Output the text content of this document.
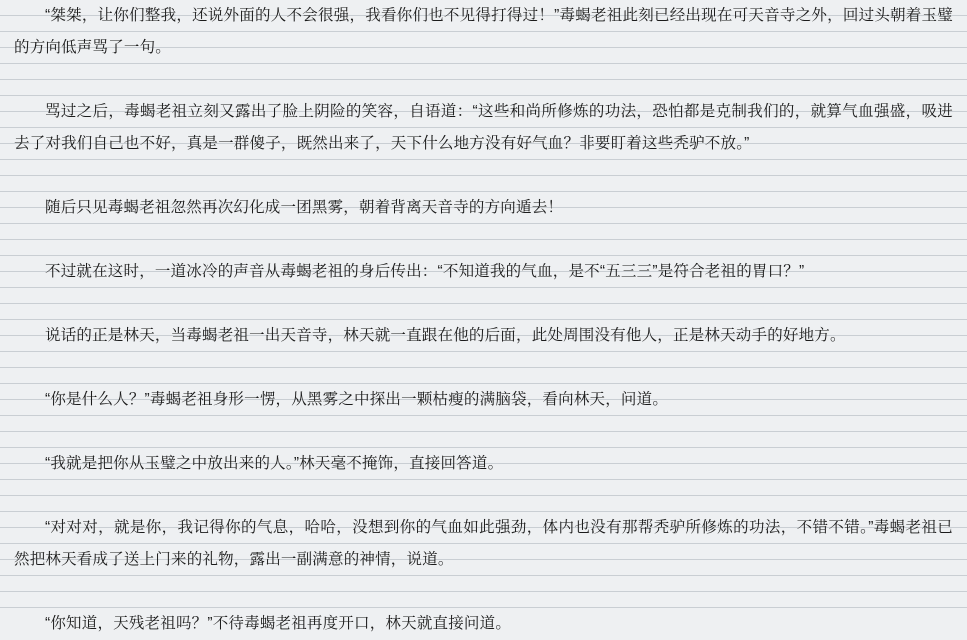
“桀桀，让你们整我，还说外面的人不会很强，我看你们也不见得打得过！”毒蝎老祖此刻已经出现在可天音寺之外，回过头朝着玉璧的方向低声骂了一句。

骂过之后，毒蝎老祖立刻又露出了脸上阴险的笑容，自语道：“这些和尚所修炼的功法，恐怕都是克制我们的，就算气血强盛，吸进去了对我们自己也不好，真是一群傻子，既然出来了，天下什么地方没有好气血？非要盯着这些秃驴不放。”

随后只见毒蝎老祖忽然再次幻化成一团黑雾，朝着背离天音寺的方向遁去！

不过就在这时，一道冰冷的声音从毒蝎老祖的身后传出：“不知道我的气血，是不“五三三”是符合老祖的胃口？”

说话的正是林天，当毒蝎老祖一出天音寺，林天就一直跟在他的后面，此处周围没有他人，正是林天动手的好地方。

“你是什么人？”毒蝎老祖身形一愣，从黑雾之中探出一颗枯瘦的满脑袋，看向林天，问道。

“我就是把你从玉璧之中放出来的人。”林天毫不掩饰，直接回答道。

“对对对，就是你，我记得你的气息，哈哈，没想到你的气血如此强劲，体内也没有那帮秃驴所修炼的功法，不错不错。”毒蝎老祖已然把林天看成了送上门来的礼物，露出一副满意的神情，说道。

“你知道，天残老祖吗？”不待毒蝎老祖再度开口，林天就直接问道。
